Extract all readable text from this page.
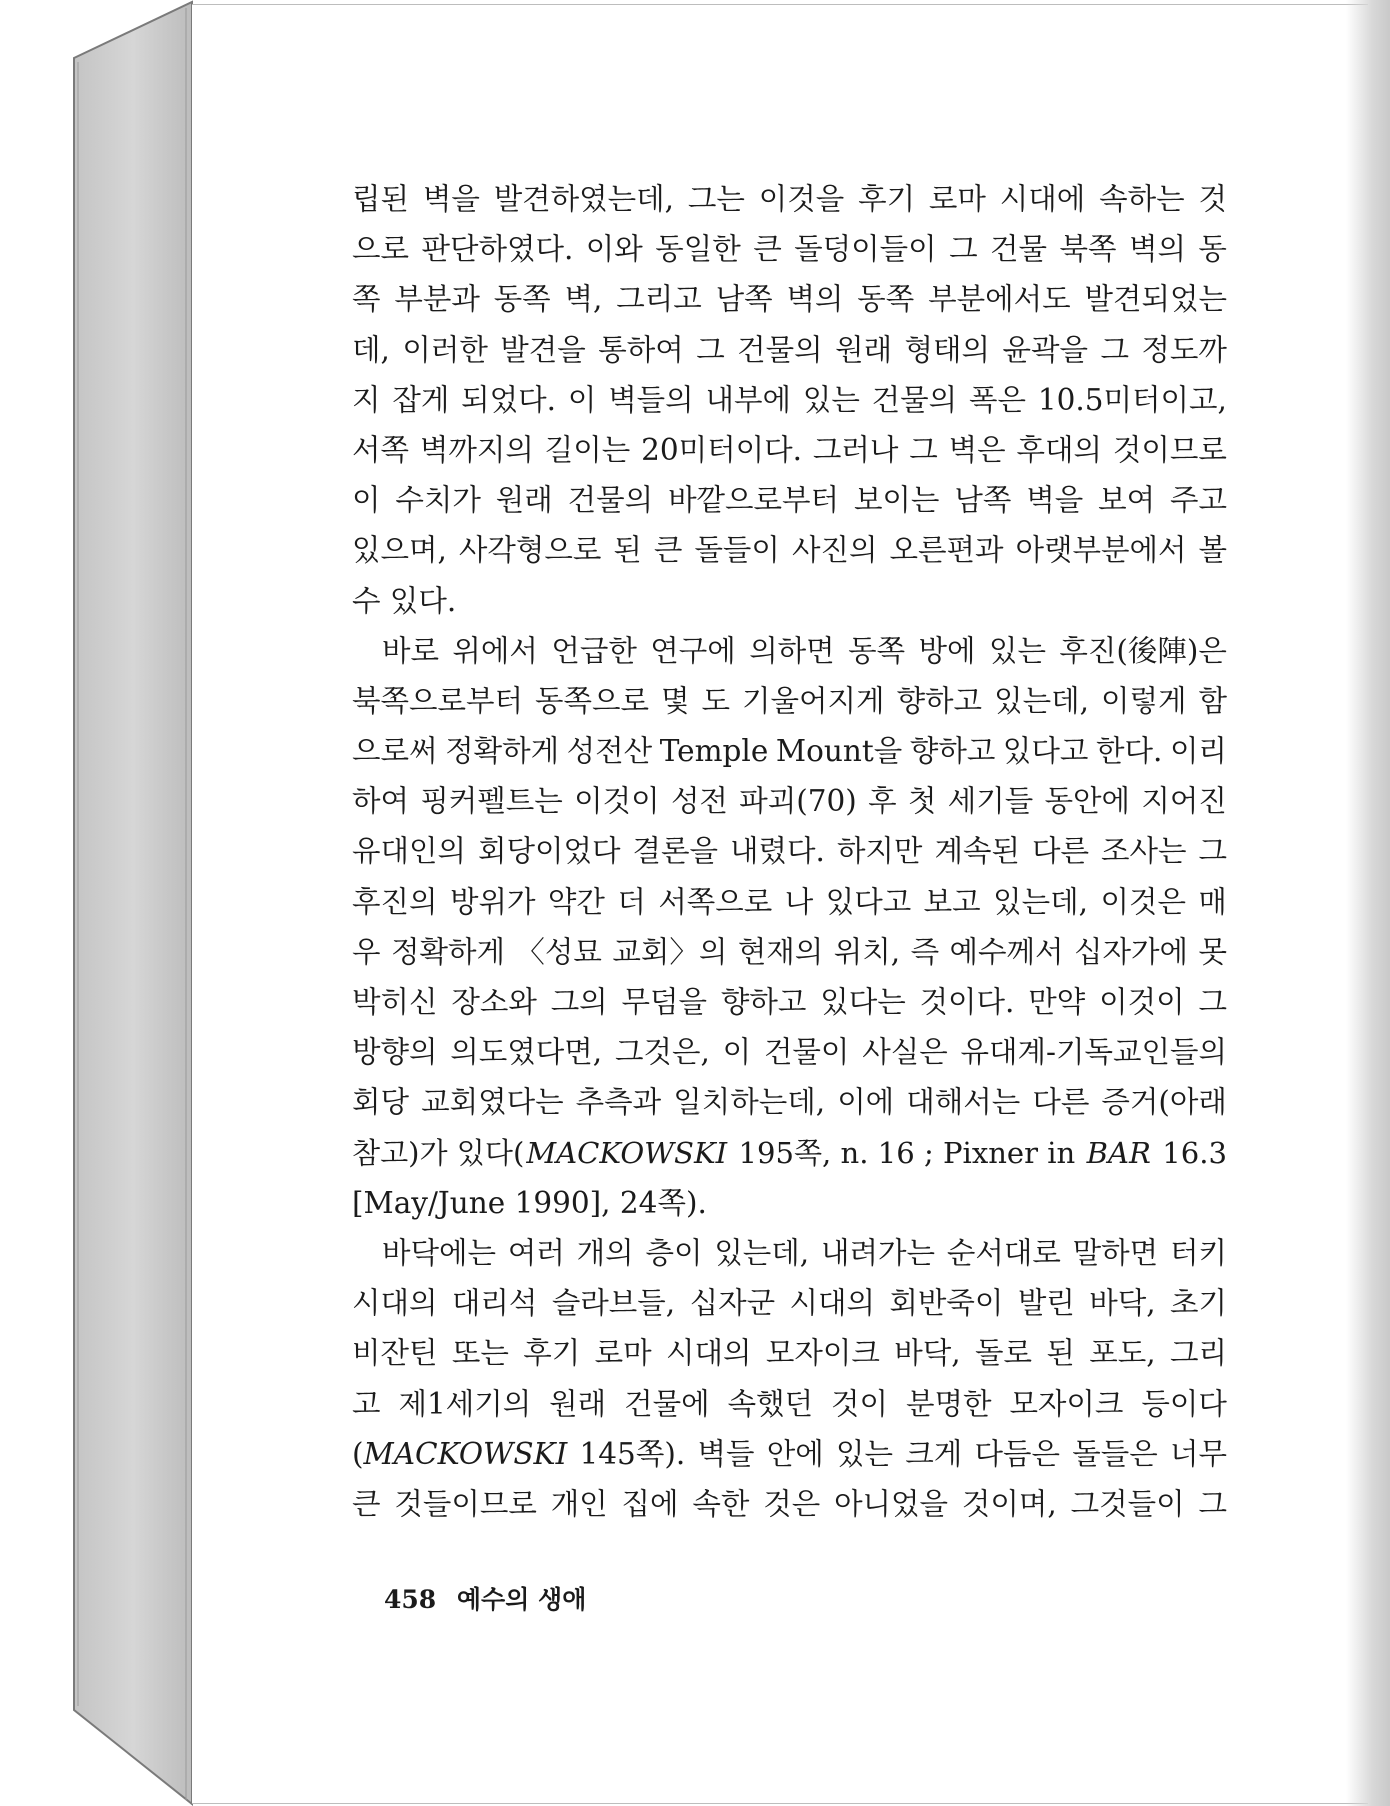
립된 벽을 발견하였는데, 그는 이것을 후기 로마 시대에 속하는 것
으로 판단하였다. 이와 동일한 큰 돌덩이들이 그 건물 북쪽 벽의 동
쪽 부분과 동쪽 벽, 그리고 남쪽 벽의 동쪽 부분에서도 발견되었는
데, 이러한 발견을 통하여 그 건물의 원래 형태의 윤곽을 그 정도까
지 잡게 되었다. 이 벽들의 내부에 있는 건물의 폭은 10.5미터이고,
서쪽 벽까지의 길이는 20미터이다. 그러나 그 벽은 후대의 것이므로
이 수치가 원래 건물의 바깥으로부터 보이는 남쪽 벽을 보여 주고
있으며, 사각형으로 된 큰 돌들이 사진의 오른편과 아랫부분에서 볼
수 있다.
바로 위에서 언급한 연구에 의하면 동쪽 방에 있는 후진(後陣)은
북쪽으로부터 동쪽으로 몇 도 기울어지게 향하고 있는데, 이렇게 함
으로써 정확하게 성전산 Temple Mount을 향하고 있다고 한다. 이리
하여 핑커펠트는 이것이 성전 파괴(70) 후 첫 세기들 동안에 지어진
유대인의 회당이었다 결론을 내렸다. 하지만 계속된 다른 조사는 그
후진의 방위가 약간 더 서쪽으로 나 있다고 보고 있는데, 이것은 매
우 정확하게 〈성묘 교회〉의 현재의 위치, 즉 예수께서 십자가에 못
박히신 장소와 그의 무덤을 향하고 있다는 것이다. 만약 이것이 그
방향의 의도였다면, 그것은, 이 건물이 사실은 유대계-기독교인들의
회당 교회였다는 추측과 일치하는데, 이에 대해서는 다른 증거(아래
참고)가 있다( MACKOWSKI 195쪽, n. 16 ; Pixner in BAR 16.3
[May/June 1990], 24쪽).
바닥에는 여러 개의 층이 있는데, 내려가는 순서대로 말하면 터키
시대의 대리석 슬라브들, 십자군 시대의 회반죽이 발린 바닥, 초기
비잔틴 또는 후기 로마 시대의 모자이크 바닥, 돌로 된 포도, 그리
고 제1세기의 원래 건물에 속했던 것이 분명한 모자이크 등이다
( MACKOWSKI 145쪽). 벽들 안에 있는 크게 다듬은 돌들은 너무
큰 것들이므로 개인 집에 속한 것은 아니었을 것이며, 그것들이 그
458 예수의 생애
